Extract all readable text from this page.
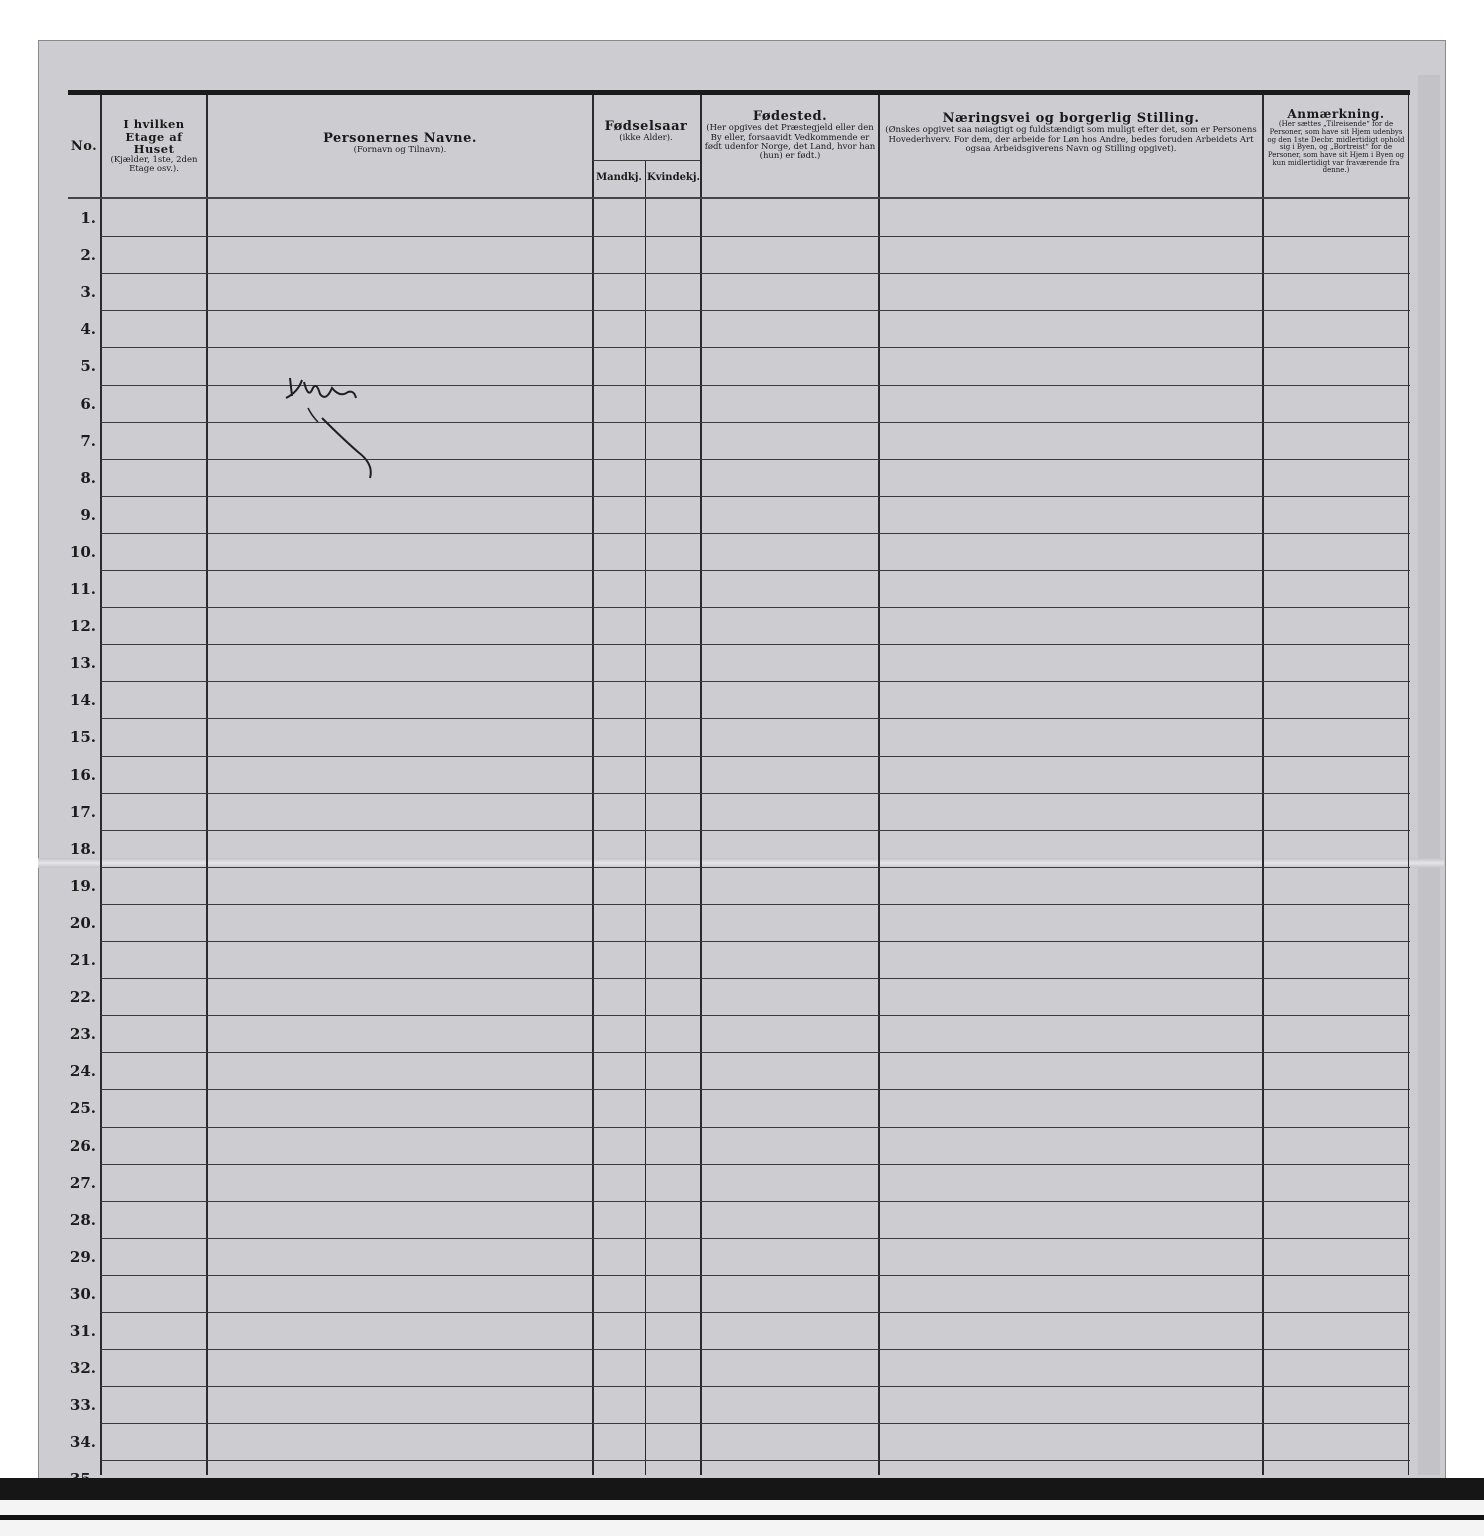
No.
I hvilken Etage af Huset
(Kjælder, 1ste, 2den Etage osv.).
Personernes Navne.
(Fornavn og Tilnavn).
Fødselsaar
(ikke Alder).
Mandkj. Kvindekj.
Fødested.
(Her opgives det Præstegjeld eller den By eller, forsaavidt Vedkommende er født udenfor Norge, det Land, hvor han (hun) er født.)
Næringsvei og borgerlig Stilling.
(Ønskes opgivet saa nøiagtigt og fuldstændigt som muligt efter det, som er Personens Hovederhverv. For dem, der arbeide for Løn hos Andre, bedes foruden Arbeidets Art ogsaa Arbeidsgiverens Navn og Stilling opgivet).
Anmærkning.
(Her sættes „Tilreisende“ for de Personer, som have sit Hjem udenbys og den 1ste Decbr. midlertidigt ophold sig i Byen, og „Bortreist“ for de Personer, som have sit Hjem i Byen og kun midlertidigt var fraværende fra denne.)
1.
2.
3.
4.
5.
6.
7.
8.
9.
10.
11.
12.
13.
14.
15.
16.
17.
18.
19.
20.
21.
22.
23.
24.
25.
26.
27.
28.
29.
30.
31.
32.
33.
34.
